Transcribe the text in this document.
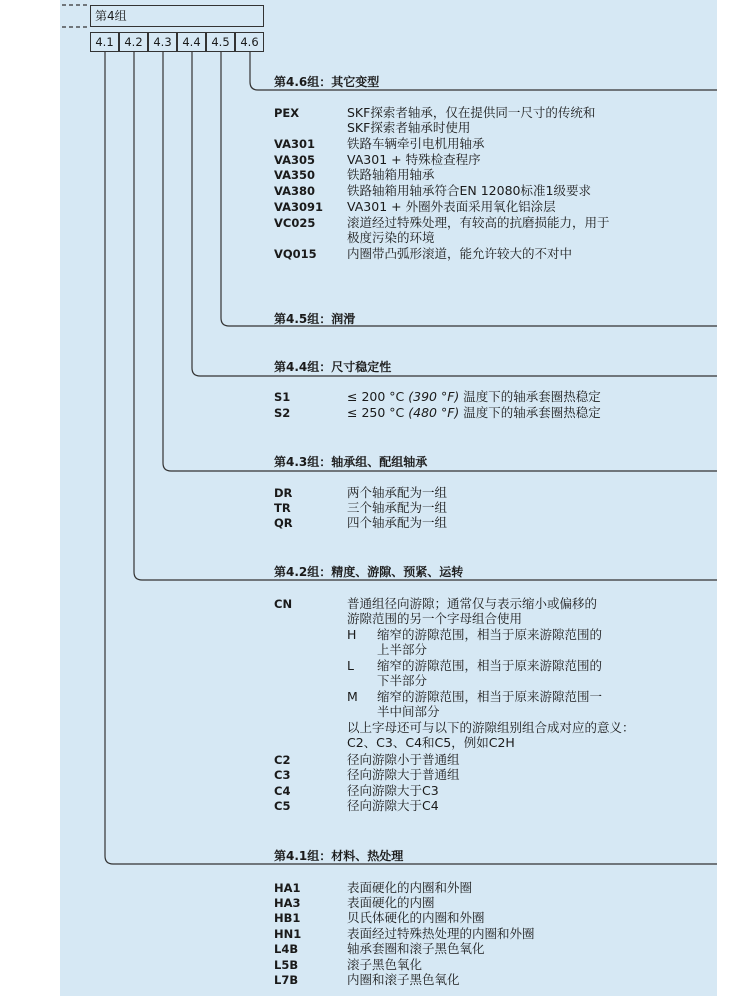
第4组
4.1 4.2 4.3 4.4 4.5 4.6
第4.6组：其它变型
PEX	SKF探索者轴承，仅在提供同一尺寸的传统和
SKF探索者轴承时使用
VA301	铁路车辆牵引电机用轴承
VA305	VA301 + 特殊检查程序
VA350	铁路轴箱用轴承
VA380	铁路轴箱用轴承符合EN 12080标准1级要求
VA3091 VA301 + 外圈外表面采用氧化铝涂层
VC025	滚道经过特殊处理，有较高的抗磨损能力，用于
极度污染的环境
VQ015 内圈带凸弧形滚道，能允许较大的不对中
第4.5组：润滑
第4.4组：尺寸稳定性
S1	≤ 200 °C (390 °F) 温度下的轴承套圈热稳定
S2	≤ 250 °C (480 °F) 温度下的轴承套圈热稳定
第4.3组：轴承组、配组轴承
DR	两个轴承配为一组
TR	三个轴承配为一组
QR	四个轴承配为一组
第4.2组：精度、游隙、预紧、运转
CN	普通组径向游隙；通常仅与表示缩小或偏移的
游隙范围的另一个字母组合使用
H 缩窄的游隙范围，相当于原来游隙范围的
上半部分
L 缩窄的游隙范围，相当于原来游隙范围的
下半部分
M 缩窄的游隙范围，相当于原来游隙范围一
半中间部分
以上字母还可与以下的游隙组别组合成对应的意义：
C2、C3、C4和C5，例如C2H
C2	径向游隙小于普通组
C3	径向游隙大于普通组
C4	径向游隙大于C3
C5	径向游隙大于C4
第4.1组：材料、热处理
HA1	表面硬化的内圈和外圈
HA3	表面硬化的内圈
HB1	贝氏体硬化的内圈和外圈
HN1	表面经过特殊热处理的内圈和外圈
L4B	轴承套圈和滚子黑色氧化
L5B	滚子黑色氧化
L7B	内圈和滚子黑色氧化
